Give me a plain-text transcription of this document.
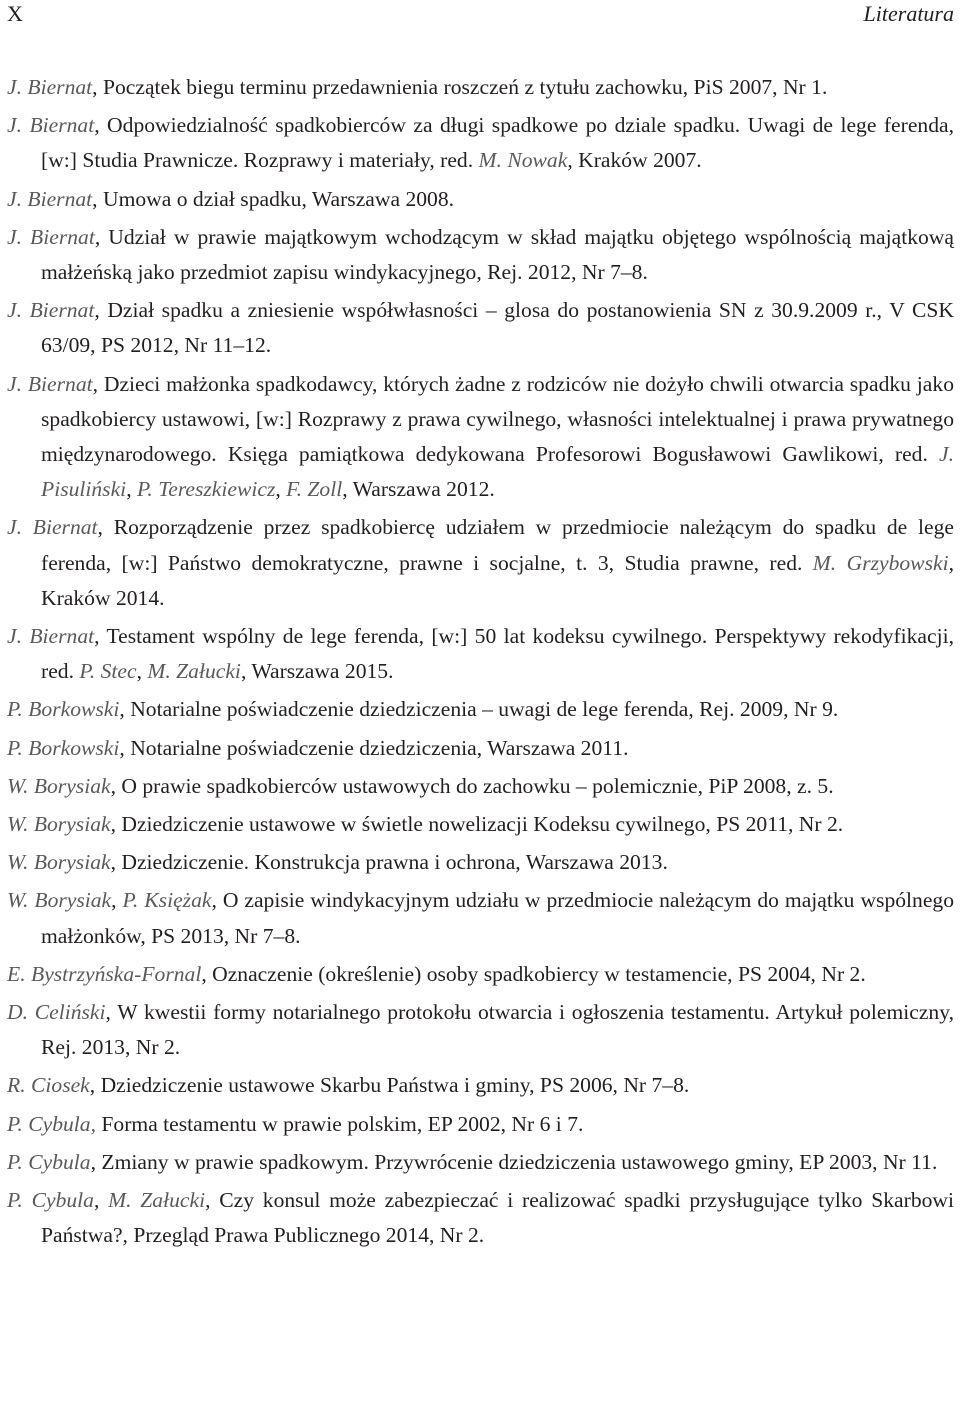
X	Literatura

J. Biernat, Początek biegu terminu przedawnienia roszczeń z tytułu zachowku, PiS 2007, Nr 1.

J. Biernat, Odpowiedzialność spadkobierców za długi spadkowe po dziale spadku. Uwagi de lege ferenda, [w:] Studia Prawnicze. Rozprawy i materiały, red. M. Nowak, Kraków 2007.

J. Biernat, Umowa o dział spadku, Warszawa 2008.

J. Biernat, Udział w prawie majątkowym wchodzącym w skład majątku objętego wspólnością majątkową małżeńską jako przedmiot zapisu windykacyjnego, Rej. 2012, Nr 7–8.

J. Biernat, Dział spadku a zniesienie współwłasności – glosa do postanowienia SN z 30.9.2009 r., V CSK 63/09, PS 2012, Nr 11–12.

J. Biernat, Dzieci małżonka spadkodawcy, których żadne z rodziców nie dożyło chwili otwarcia spadku jako spadkobiercy ustawowi, [w:] Rozprawy z prawa cywilnego, własności intelektualnej i prawa prywatnego międzynarodowego. Księga pamiątkowa dedykowana Profesorowi Bogusławowi Gawlikowi, red. J. Pisuliński, P. Tereszkiewicz, F. Zoll, Warszawa 2012.

J. Biernat, Rozporządzenie przez spadkobiercę udziałem w przedmiocie należącym do spadku de lege ferenda, [w:] Państwo demokratyczne, prawne i socjalne, t. 3, Studia prawne, red. M. Grzybowski, Kraków 2014.

J. Biernat, Testament wspólny de lege ferenda, [w:] 50 lat kodeksu cywilnego. Perspektywy rekodyfikacji, red. P. Stec, M. Załucki, Warszawa 2015.

P. Borkowski, Notarialne poświadczenie dziedziczenia – uwagi de lege ferenda, Rej. 2009, Nr 9.

P. Borkowski, Notarialne poświadczenie dziedziczenia, Warszawa 2011.

W. Borysiak, O prawie spadkobierców ustawowych do zachowku – polemicznie, PiP 2008, z. 5.

W. Borysiak, Dziedziczenie ustawowe w świetle nowelizacji Kodeksu cywilnego, PS 2011, Nr 2.

W. Borysiak, Dziedziczenie. Konstrukcja prawna i ochrona, Warszawa 2013.

W. Borysiak, P. Księżak, O zapisie windykacyjnym udziału w przedmiocie należącym do majątku wspólnego małżonków, PS 2013, Nr 7–8.

E. Bystrzyńska-Fornal, Oznaczenie (określenie) osoby spadkobiercy w testamencie, PS 2004, Nr 2.

D. Celiński, W kwestii formy notarialnego protokołu otwarcia i ogłoszenia testamentu. Artykuł polemiczny, Rej. 2013, Nr 2.

R. Ciosek, Dziedziczenie ustawowe Skarbu Państwa i gminy, PS 2006, Nr 7–8.

P. Cybula, Forma testamentu w prawie polskim, EP 2002, Nr 6 i 7.

P. Cybula, Zmiany w prawie spadkowym. Przywrócenie dziedziczenia ustawowego gminy, EP 2003, Nr 11.

P. Cybula, M. Załucki, Czy konsul może zabezpieczać i realizować spadki przysługujące tylko Skarbowi Państwa?, Przegląd Prawa Publicznego 2014, Nr 2.
